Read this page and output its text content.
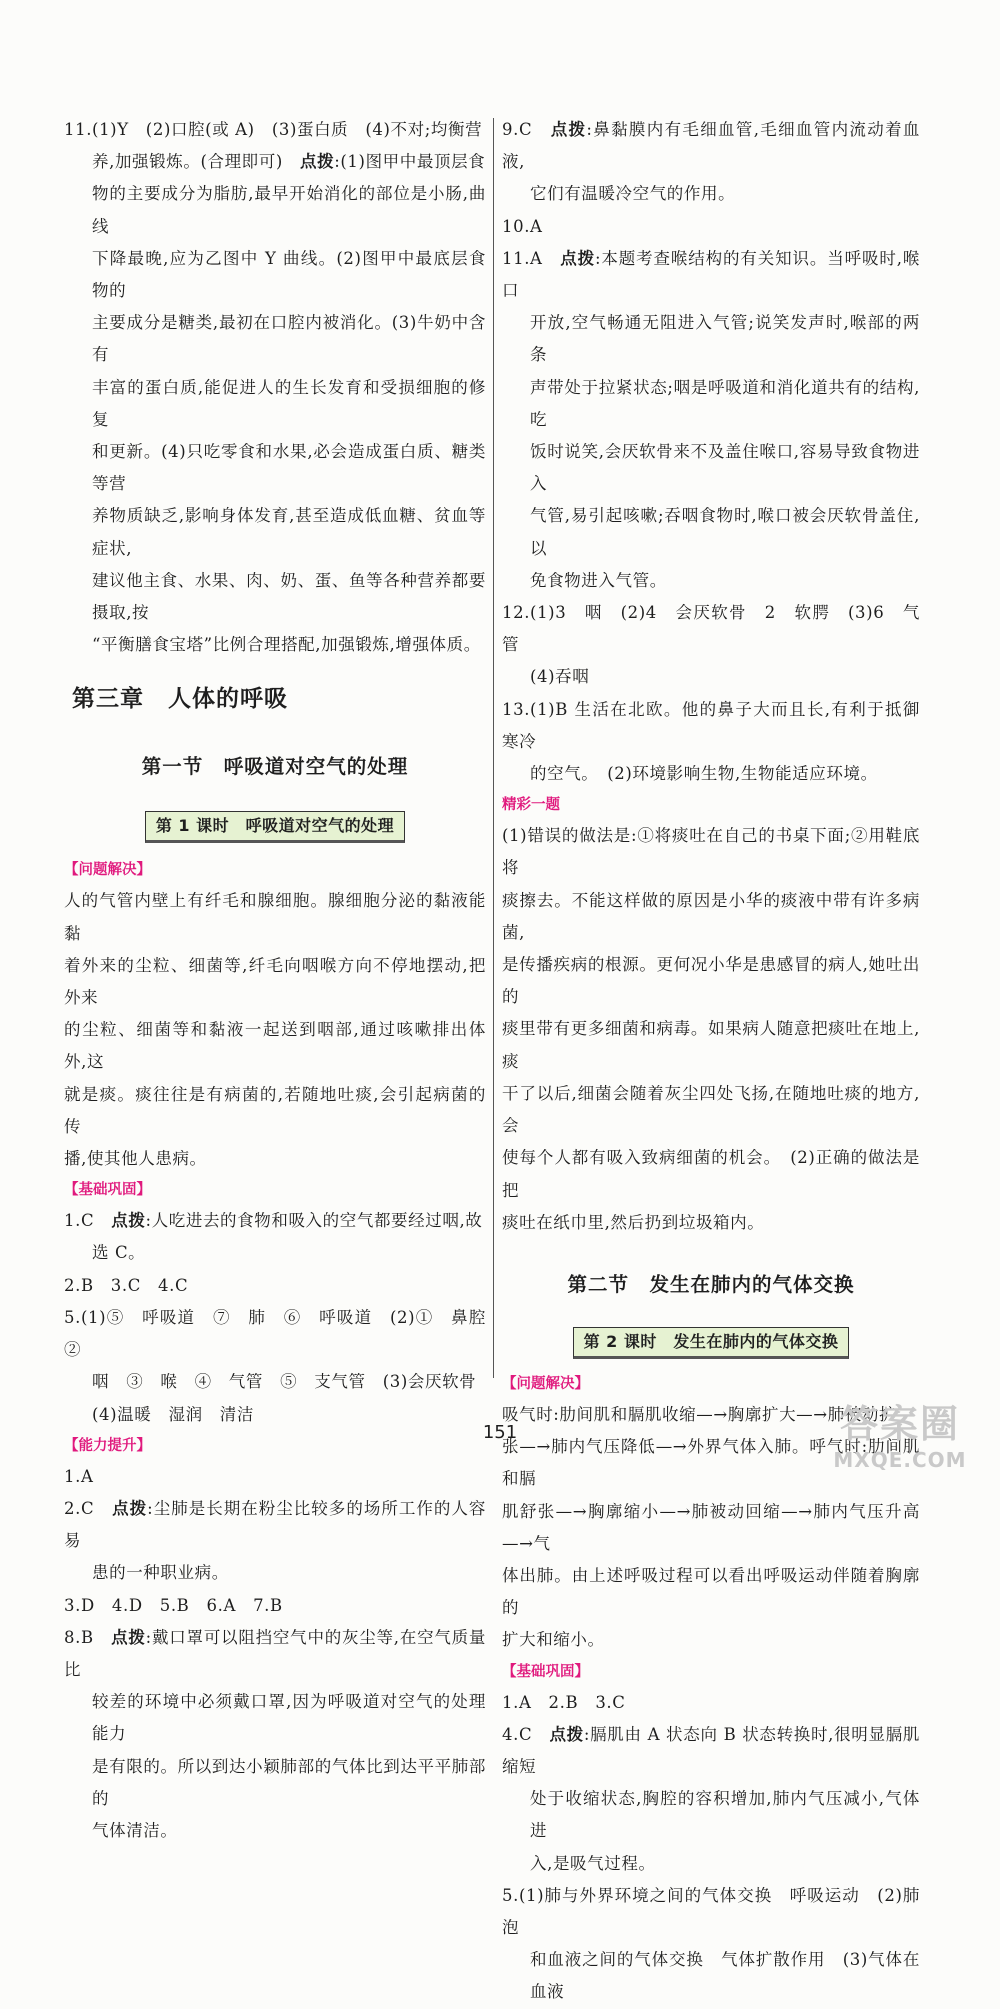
11.(1)Y　(2)口腔(或 A)　(3)蛋白质　(4)不对;均衡营

养,加强锻炼。(合理即可)　点拨:(1)图甲中最顶层食

物的主要成分为脂肪,最早开始消化的部位是小肠,曲线

下降最晚,应为乙图中 Y 曲线。(2)图甲中最底层食物的

主要成分是糖类,最初在口腔内被消化。(3)牛奶中含有

丰富的蛋白质,能促进人的生长发育和受损细胞的修复

和更新。(4)只吃零食和水果,必会造成蛋白质、糖类等营

养物质缺乏,影响身体发育,甚至造成低血糖、贫血等症状,

建议他主食、水果、肉、奶、蛋、鱼等各种营养都要摄取,按

“平衡膳食宝塔”比例合理搭配,加强锻炼,增强体质。

第三章　人体的呼吸
第一节　呼吸道对空气的处理
第 1 课时　呼吸道对空气的处理

【问题解决】

人的气管内壁上有纤毛和腺细胞。腺细胞分泌的黏液能黏

着外来的尘粒、细菌等,纤毛向咽喉方向不停地摆动,把外来

的尘粒、细菌等和黏液一起送到咽部,通过咳嗽排出体外,这

就是痰。痰往往是有病菌的,若随地吐痰,会引起病菌的传

播,使其他人患病。

【基础巩固】

1.C　点拨:人吃进去的食物和吸入的空气都要经过咽,故

选 C。

2.B　3.C　4.C

5.(1)⑤　呼吸道　⑦　肺　⑥　呼吸道　(2)①　鼻腔　②

咽　③　喉　④　气管　⑤　支气管　(3)会厌软骨

(4)温暖　湿润　清洁

【能力提升】

1.A

2.C　点拨:尘肺是长期在粉尘比较多的场所工作的人容易

患的一种职业病。

3.D　4.D　5.B　6.A　7.B

8.B　点拨:戴口罩可以阻挡空气中的灰尘等,在空气质量比

较差的环境中必须戴口罩,因为呼吸道对空气的处理能力

是有限的。所以到达小颖肺部的气体比到达平平肺部的

气体清洁。

9.C　点拨:鼻黏膜内有毛细血管,毛细血管内流动着血液,

它们有温暖冷空气的作用。

10.A

11.A　点拨:本题考查喉结构的有关知识。当呼吸时,喉口

开放,空气畅通无阻进入气管;说笑发声时,喉部的两条

声带处于拉紧状态;咽是呼吸道和消化道共有的结构,吃

饭时说笑,会厌软骨来不及盖住喉口,容易导致食物进入

气管,易引起咳嗽;吞咽食物时,喉口被会厌软骨盖住,以

免食物进入气管。

12.(1)3　咽　(2)4　会厌软骨　2　软腭　(3)6　气管

(4)吞咽

13.(1)B 生活在北欧。他的鼻子大而且长,有利于抵御寒冷

的空气。　(2)环境影响生物,生物能适应环境。

精彩一题

(1)错误的做法是:①将痰吐在自己的书桌下面;②用鞋底将

痰擦去。不能这样做的原因是小华的痰液中带有许多病菌,

是传播疾病的根源。更何况小华是患感冒的病人,她吐出的

痰里带有更多细菌和病毒。如果病人随意把痰吐在地上,痰

干了以后,细菌会随着灰尘四处飞扬,在随地吐痰的地方,会

使每个人都有吸入致病细菌的机会。　(2)正确的做法是把

痰吐在纸巾里,然后扔到垃圾箱内。

第二节　发生在肺内的气体交换
第 2 课时　发生在肺内的气体交换

【问题解决】

吸气时:肋间肌和膈肌收缩—→胸廓扩大—→肺被动扩

张—→肺内气压降低—→外界气体入肺。呼气时:肋间肌和膈

肌舒张—→胸廓缩小—→肺被动回缩—→肺内气压升高—→气

体出肺。由上述呼吸过程可以看出呼吸运动伴随着胸廓的

扩大和缩小。

【基础巩固】

1.A　2.B　3.C

4.C　点拨:膈肌由 A 状态向 B 状态转换时,很明显膈肌缩短

处于收缩状态,胸腔的容积增加,肺内气压减小,气体进

入,是吸气过程。

5.(1)肺与外界环境之间的气体交换　呼吸运动　(2)肺泡

和血液之间的气体交换　气体扩散作用　(3)气体在血液

151	答案圈
MXQE.COM
